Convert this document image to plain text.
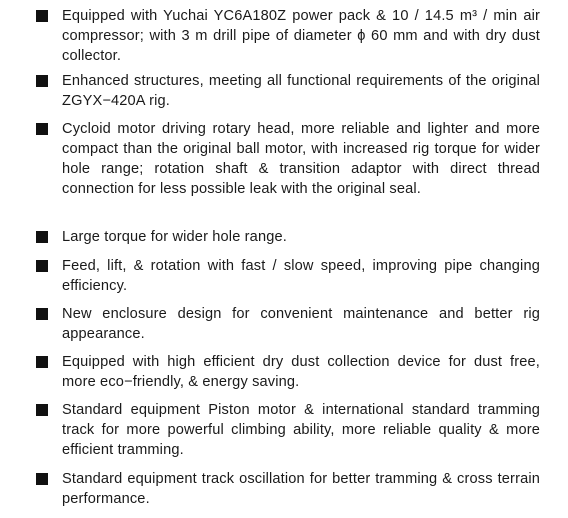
Equipped with Yuchai YC6A180Z power pack & 10 / 14.5 m³ / min air compressor; with 3 m drill pipe of diameter ϕ 60 mm and with dry dust collector.

Enhanced structures, meeting all functional requirements of the original ZGYX−420A rig.

Cycloid motor driving rotary head, more reliable and lighter and more compact than the original ball motor, with increased rig torque for wider hole range; rotation shaft & transition adaptor with direct thread connection for less possible leak with the original seal.

Large torque for wider hole range.

Feed, lift, & rotation with fast / slow speed, improving pipe changing efficiency.

New enclosure design for convenient maintenance and better rig appearance.

Equipped with high efficient dry dust collection device for dust free, more eco−friendly, & energy saving.

Standard equipment Piston motor & international standard tramming track for more powerful climbing ability, more reliable quality & more efficient tramming.

Standard equipment track oscillation for better tramming & cross terrain performance.
